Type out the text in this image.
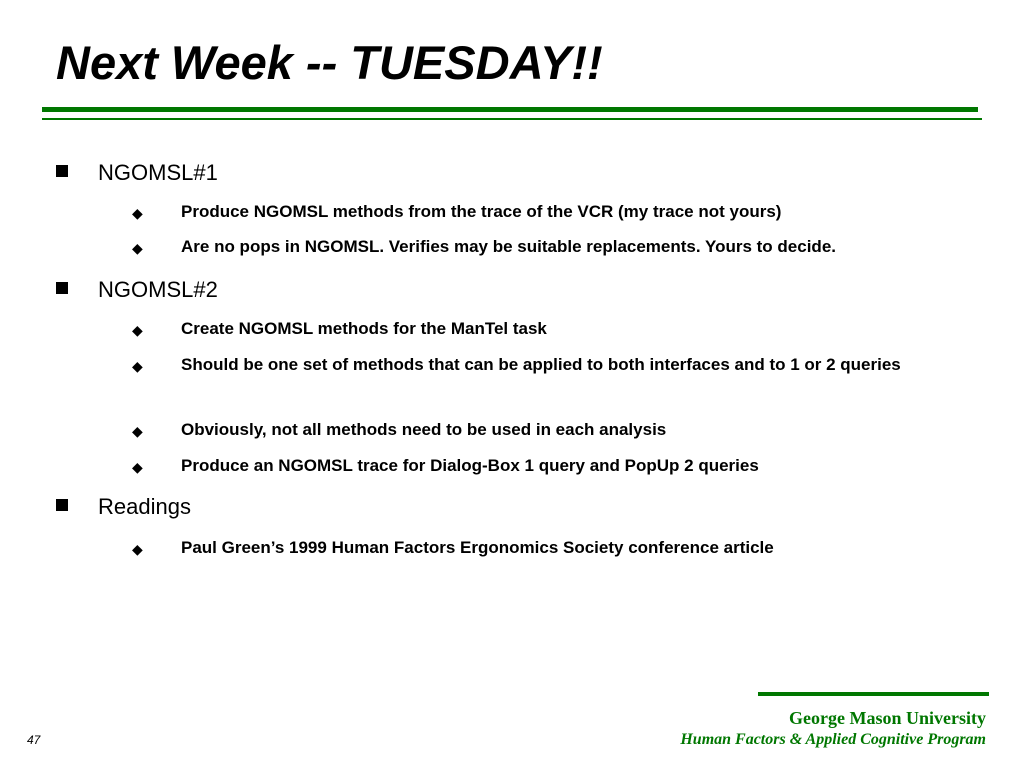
Next Week -- TUESDAY!!
NGOMSL#1
◆ Produce NGOMSL methods from the trace of the VCR (my trace not yours)
◆ Are no pops in NGOMSL. Verifies may be suitable replacements. Yours to decide.
NGOMSL#2
◆ Create NGOMSL methods for the ManTel task
◆ Should be one set of methods that can be applied to both interfaces and to 1 or 2 queries
◆ Obviously, not all methods need to be used in each analysis
◆ Produce an NGOMSL trace for Dialog-Box 1 query and PopUp 2 queries
Readings
◆ Paul Green’s 1999 Human Factors Ergonomics Society conference article
George Mason University
Human Factors & Applied Cognitive Program
47
